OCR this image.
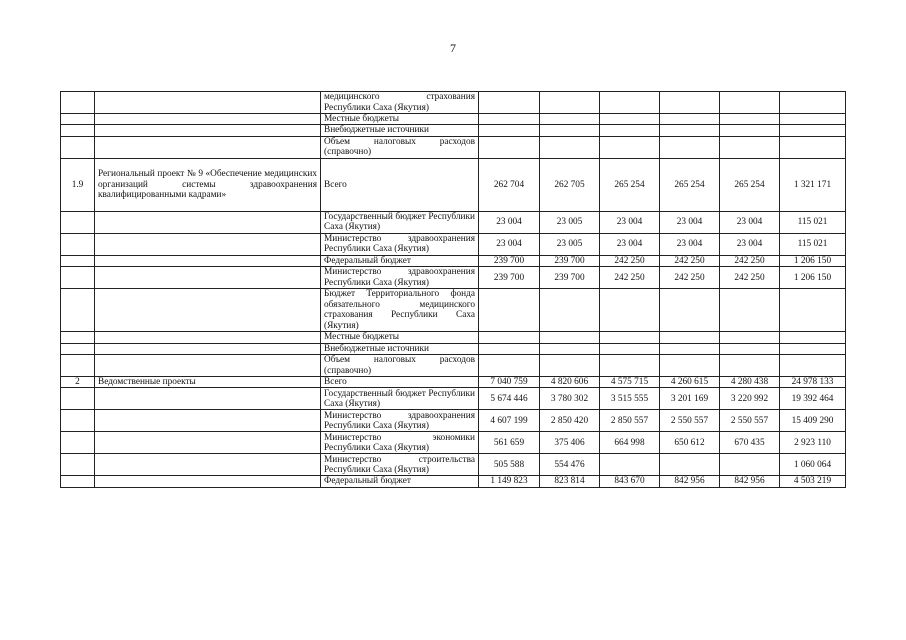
7
		медицинского страхования Республики Саха (Якутия)						
		Местные бюджеты						
		Внебюджетные источники						
		Объем налоговых расходов (справочно)						
1.9	Региональный проект № 9 «Обеспечение медицинских организаций системы здравоохранения квалифицированными кадрами»	Всего	262 704	262 705	265 254	265 254	265 254	1 321 171
		Государственный бюджет Республики Саха (Якутия)	23 004	23 005	23 004	23 004	23 004	115 021
		Министерство здравоохранения Республики Саха (Якутия)	23 004	23 005	23 004	23 004	23 004	115 021
		Федеральный бюджет	239 700	239 700	242 250	242 250	242 250	1 206 150
		Министерство здравоохранения Республики Саха (Якутия)	239 700	239 700	242 250	242 250	242 250	1 206 150
		Бюджет Территориального фонда обязательного медицинского страхования Республики Саха (Якутия)						
		Местные бюджеты						
		Внебюджетные источники						
		Объем налоговых расходов (справочно)						
2	Ведомственные проекты	Всего	7 040 759	4 820 606	4 575 715	4 260 615	4 280 438	24 978 133
		Государственный бюджет Республики Саха (Якутия)	5 674 446	3 780 302	3 515 555	3 201 169	3 220 992	19 392 464
		Министерство здравоохранения Республики Саха (Якутия)	4 607 199	2 850 420	2 850 557	2 550 557	2 550 557	15 409 290
		Министерство экономики Республики Саха (Якутия)	561 659	375 406	664 998	650 612	670 435	2 923 110
		Министерство строительства Республики Саха (Якутия)	505 588	554 476				1 060 064
		Федеральный бюджет	1 149 823	823 814	843 670	842 956	842 956	4 503 219
